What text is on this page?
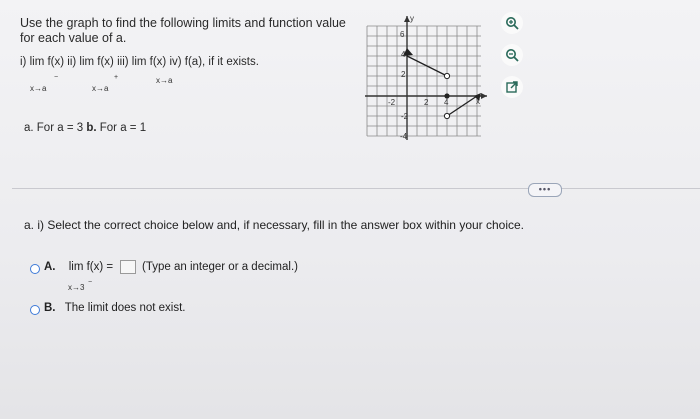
Use the graph to find the following limits and function value for each value of a.
i) lim f(x) ii) lim f(x) iii) lim f(x) iv) f(a), if it exists.
x→a
−
x→a
+	x→a
a. For a = 3 b. For a = 1
y
x
6
4
2
-2
-4
-2	2 4
•••
a. i) Select the correct choice below and, if necessary, fill in the answer box within your choice.
A. lim f(x) =	(Type an integer or a decimal.)
x→3
−
B. The limit does not exist.
